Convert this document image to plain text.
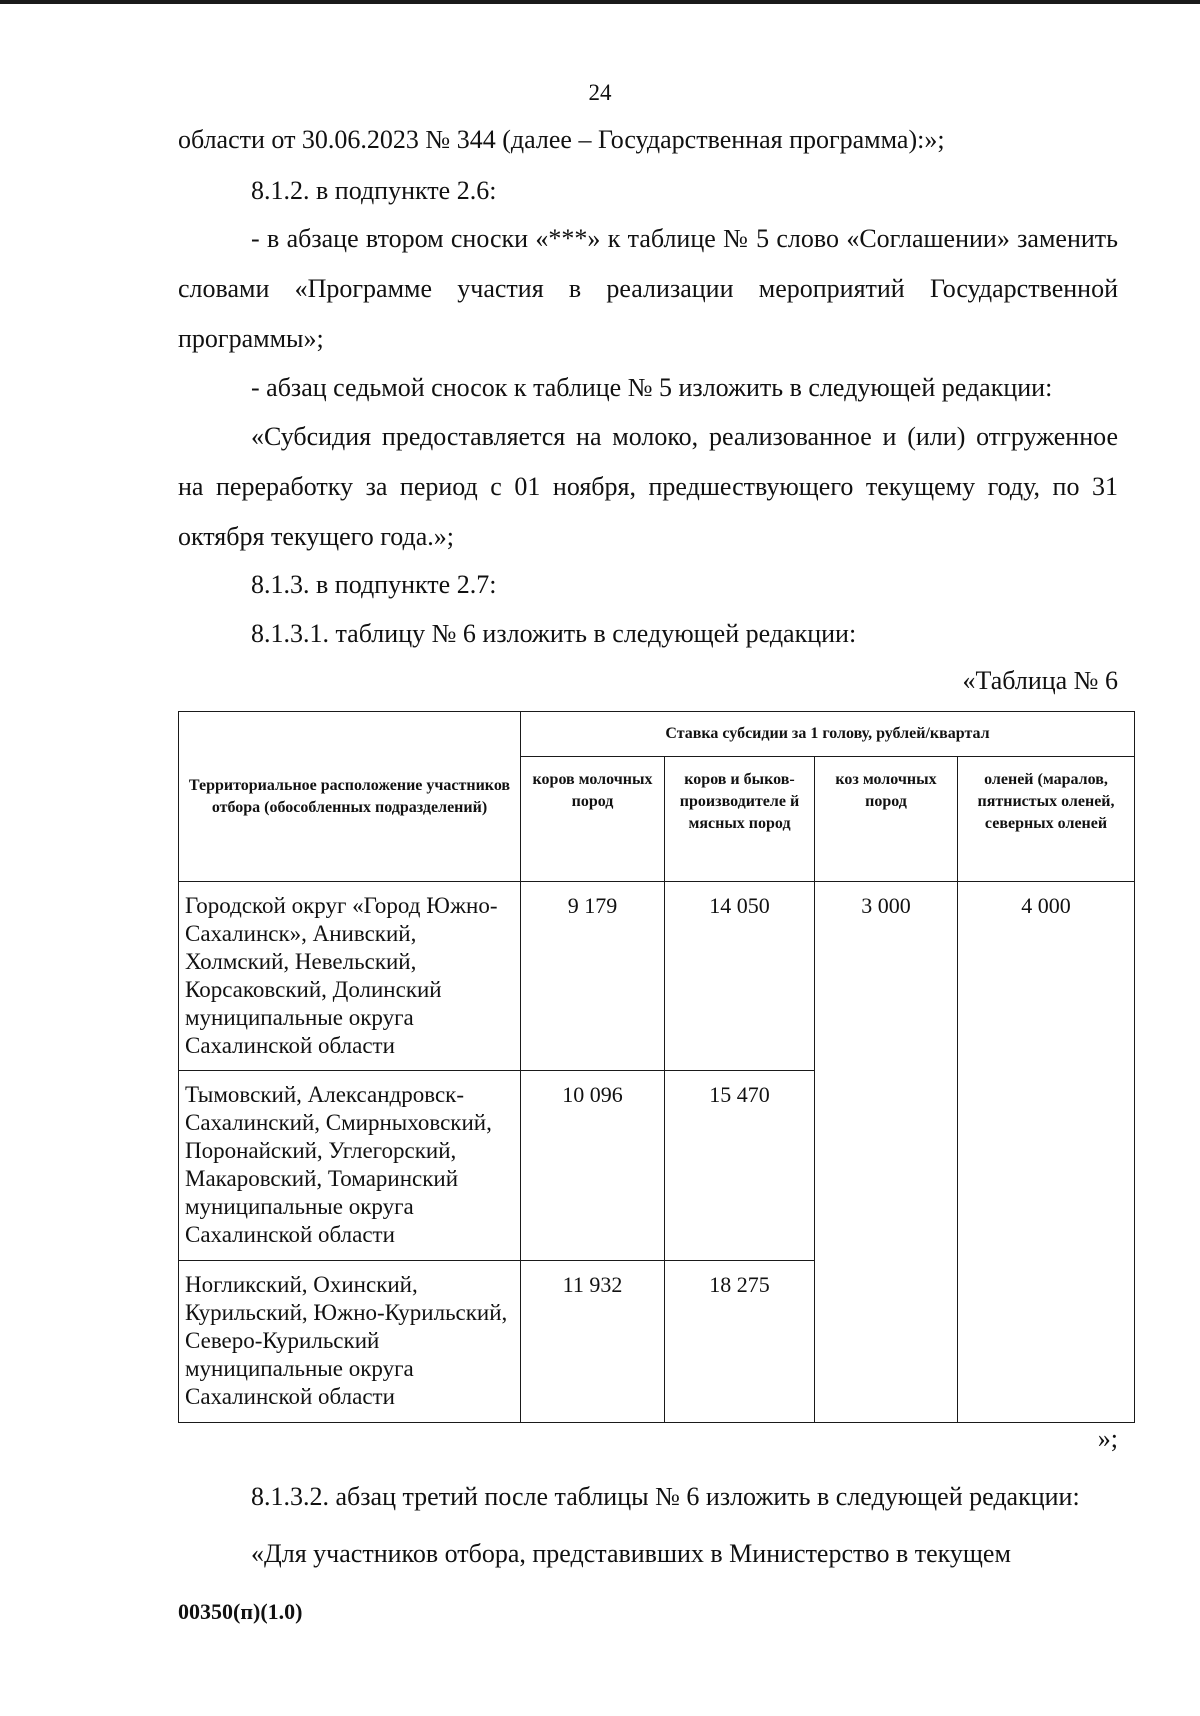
24
области от 30.06.2023 № 344 (далее – Государственная программа):»;
8.1.2. в подпункте 2.6:
- в абзаце втором сноски «***» к таблице № 5 слово «Соглашении» заменить словами «Программе участия в реализации мероприятий Государственной программы»;
- абзац седьмой сносок к таблице № 5 изложить в следующей редакции:
«Субсидия предоставляется на молоко, реализованное и (или) отгруженное на переработку за период с 01 ноября, предшествующего текущему году, по 31 октября текущего года.»;
8.1.3. в подпункте 2.7:
8.1.3.1. таблицу № 6 изложить в следующей редакции:
«Таблица № 6
Территориальное расположение участников отбора (обособленных подразделений)	Ставка субсидии за 1 голову, рублей/квартал			
	коров молочных пород	коров и быков-производителе й мясных пород	коз молочных пород	оленей (маралов, пятнистых оленей, северных оленей
Городской округ «Город Южно-Сахалинск», Анивский, Холмский, Невельский, Корсаковский, Долинский муниципальные округа Сахалинской области	9 179	14 050	3 000	4 000
Тымовский, Александровск-Сахалинский, Смирныховский, Поронайский, Углегорский, Макаровский, Томаринский муниципальные округа Сахалинской области	10 096	15 470		
Ногликский, Охинский, Курильский, Южно-Курильский, Северо-Курильский муниципальные округа Сахалинской области	11 932	18 275		
»;
8.1.3.2. абзац третий после таблицы № 6 изложить в следующей редакции:
«Для участников отбора, представивших в Министерство в текущем
00350(п)(1.0)
